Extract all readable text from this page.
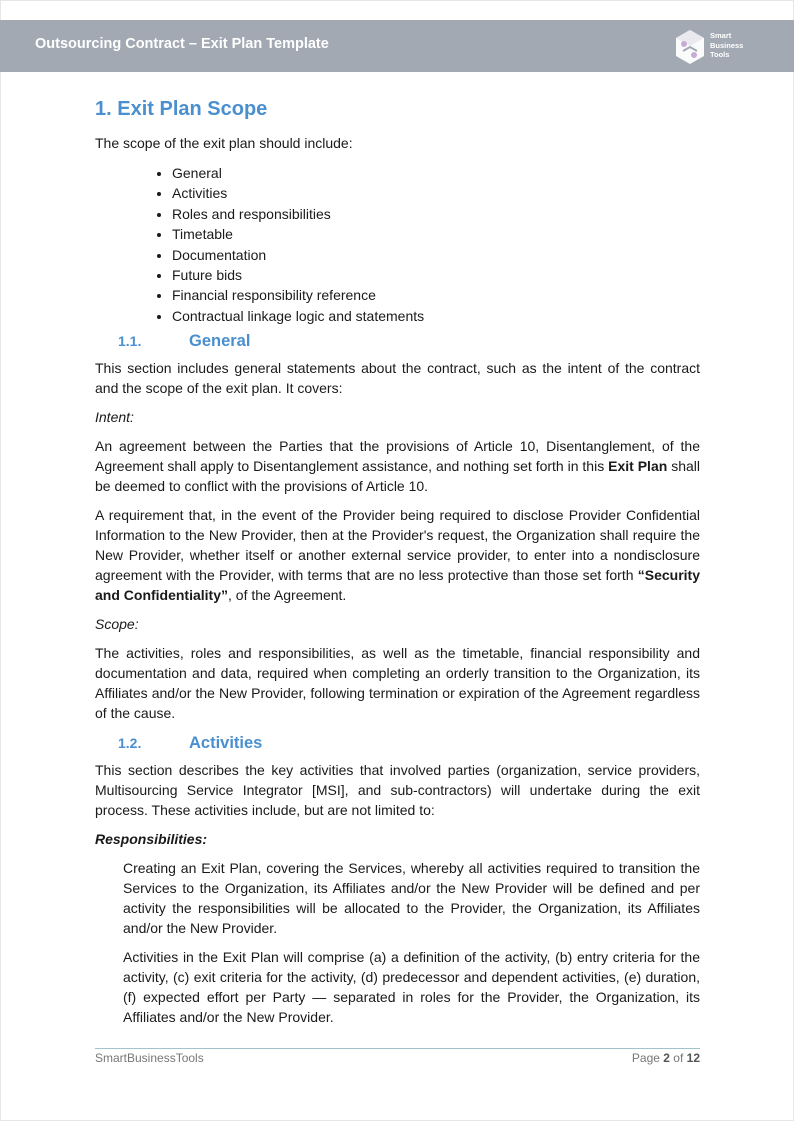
Outsourcing Contract – Exit Plan Template
Smart
Business
Tools
1. Exit Plan Scope

The scope of the exit plan should include:

• General
• Activities
• Roles and responsibilities
• Timetable
• Documentation
• Future bids
• Financial responsibility reference
• Contractual linkage logic and statements
1.1.	General

This section includes general statements about the contract, such as the intent of the contract and the scope of the exit plan. It covers:

Intent:

An agreement between the Parties that the provisions of Article 10, Disentanglement, of the Agreement shall apply to Disentanglement assistance, and nothing set forth in this Exit Plan shall be deemed to conflict with the provisions of Article 10.

A requirement that, in the event of the Provider being required to disclose Provider Confidential Information to the New Provider, then at the Provider's request, the Organization shall require the New Provider, whether itself or another external service provider, to enter into a nondisclosure agreement with the Provider, with terms that are no less protective than those set forth “Security and Confidentiality”, of the Agreement.

Scope:

The activities, roles and responsibilities, as well as the timetable, financial responsibility and documentation and data, required when completing an orderly transition to the Organization, its Affiliates and/or the New Provider, following termination or expiration of the Agreement regardless of the cause.

1.2.	Activities

This section describes the key activities that involved parties (organization, service providers, Multisourcing Service Integrator [MSI], and sub-contractors) will undertake during the exit process. These activities include, but are not limited to:

Responsibilities:

Creating an Exit Plan, covering the Services, whereby all activities required to transition the Services to the Organization, its Affiliates and/or the New Provider will be defined and per activity the responsibilities will be allocated to the Provider, the Organization, its Affiliates and/or the New Provider.

Activities in the Exit Plan will comprise (a) a definition of the activity, (b) entry criteria for the activity, (c) exit criteria for the activity, (d) predecessor and dependent activities, (e) duration, (f) expected effort per Party — separated in roles for the Provider, the Organization, its Affiliates and/or the New Provider.

SmartBusinessTools	Page 2 of 12
